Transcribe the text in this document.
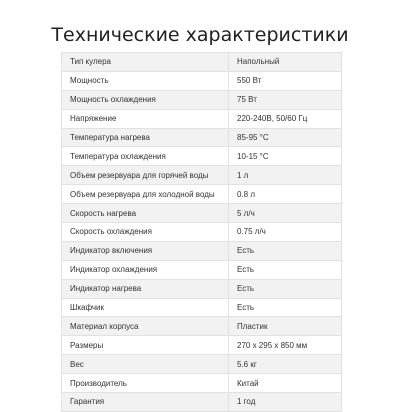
Технические характеристики
Тип кулера	Напольный
Мощность	550 Вт
Мощность охлаждения	75 Вт
Напряжение	220-240В, 50/60 Гц
Температура нагрева	85-95 °С
Температура охлаждения	10-15 °С
Объем резервуара для горячей воды	1 л
Объем резервуара для холодной воды	0.8 л
Скорость нагрева	5 л/ч
Скорость охлаждения	0.75 л/ч
Индикатор включения	Есть
Индикатор охлаждения	Есть
Индикатор нагрева	Есть
Шкафчик	Есть
Материал корпуса	Пластик
Размеры	270 x 295 x 850 мм
Вес	5.6 кг
Производитель	Китай
Гарантия	1 год
